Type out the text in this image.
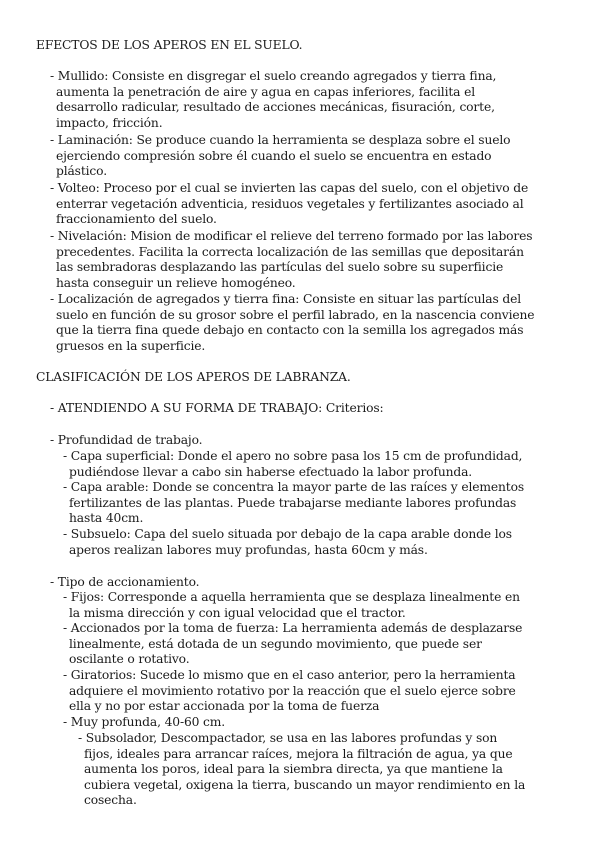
EFECTOS DE LOS APEROS EN EL SUELO.
- Mullido: Consiste en disgregar el suelo creando agregados y tierra fina,
aumenta la penetración de aire y agua en capas inferiores, facilita el
desarrollo radicular, resultado de acciones mecánicas, fisuración, corte,
impacto, fricción.
- Laminación: Se produce cuando la herramienta se desplaza sobre el suelo
ejerciendo compresión sobre él cuando el suelo se encuentra en estado
plástico.
- Volteo: Proceso por el cual se invierten las capas del suelo, con el objetivo de
enterrar vegetación adventicia, residuos vegetales y fertilizantes asociado al
fraccionamiento del suelo.
- Nivelación: Mision de modificar el relieve del terreno formado por las labores
precedentes. Facilita la correcta localización de las semillas que depositarán
las sembradoras desplazando las partículas del suelo sobre su superfiicie
hasta conseguir un relieve homogéneo.
- Localización de agregados y tierra fina: Consiste en situar las partículas del
suelo en función de su grosor sobre el perfil labrado, en la nascencia conviene
que la tierra fina quede debajo en contacto con la semilla los agregados más
gruesos en la superficie.
CLASIFICACIÓN DE LOS APEROS DE LABRANZA.
- ATENDIENDO A SU FORMA DE TRABAJO: Criterios:
- Profundidad de trabajo.
- Capa superficial: Donde el apero no sobre pasa los 15 cm de profundidad,
pudiéndose llevar a cabo sin haberse efectuado la labor profunda.
- Capa arable: Donde se concentra la mayor parte de las raíces y elementos
fertilizantes de las plantas. Puede trabajarse mediante labores profundas
hasta 40cm.
- Subsuelo: Capa del suelo situada por debajo de la capa arable donde los
aperos realizan labores muy profundas, hasta 60cm y más.
- Tipo de accionamiento.
- Fijos: Corresponde a aquella herramienta que se desplaza linealmente en
la misma dirección y con igual velocidad que el tractor.
- Accionados por la toma de fuerza: La herramienta además de desplazarse
linealmente, está dotada de un segundo movimiento, que puede ser
oscilante o rotativo.
- Giratorios: Sucede lo mismo que en el caso anterior, pero la herramienta
adquiere el movimiento rotativo por la reacción que el suelo ejerce sobre
ella y no por estar accionada por la toma de fuerza
- Muy profunda, 40-60 cm.
- Subsolador, Descompactador, se usa en las labores profundas y son
fijos, ideales para arrancar raíces, mejora la filtración de agua, ya que
aumenta los poros, ideal para la siembra directa, ya que mantiene la
cubiera vegetal, oxigena la tierra, buscando un mayor rendimiento en la
cosecha.
